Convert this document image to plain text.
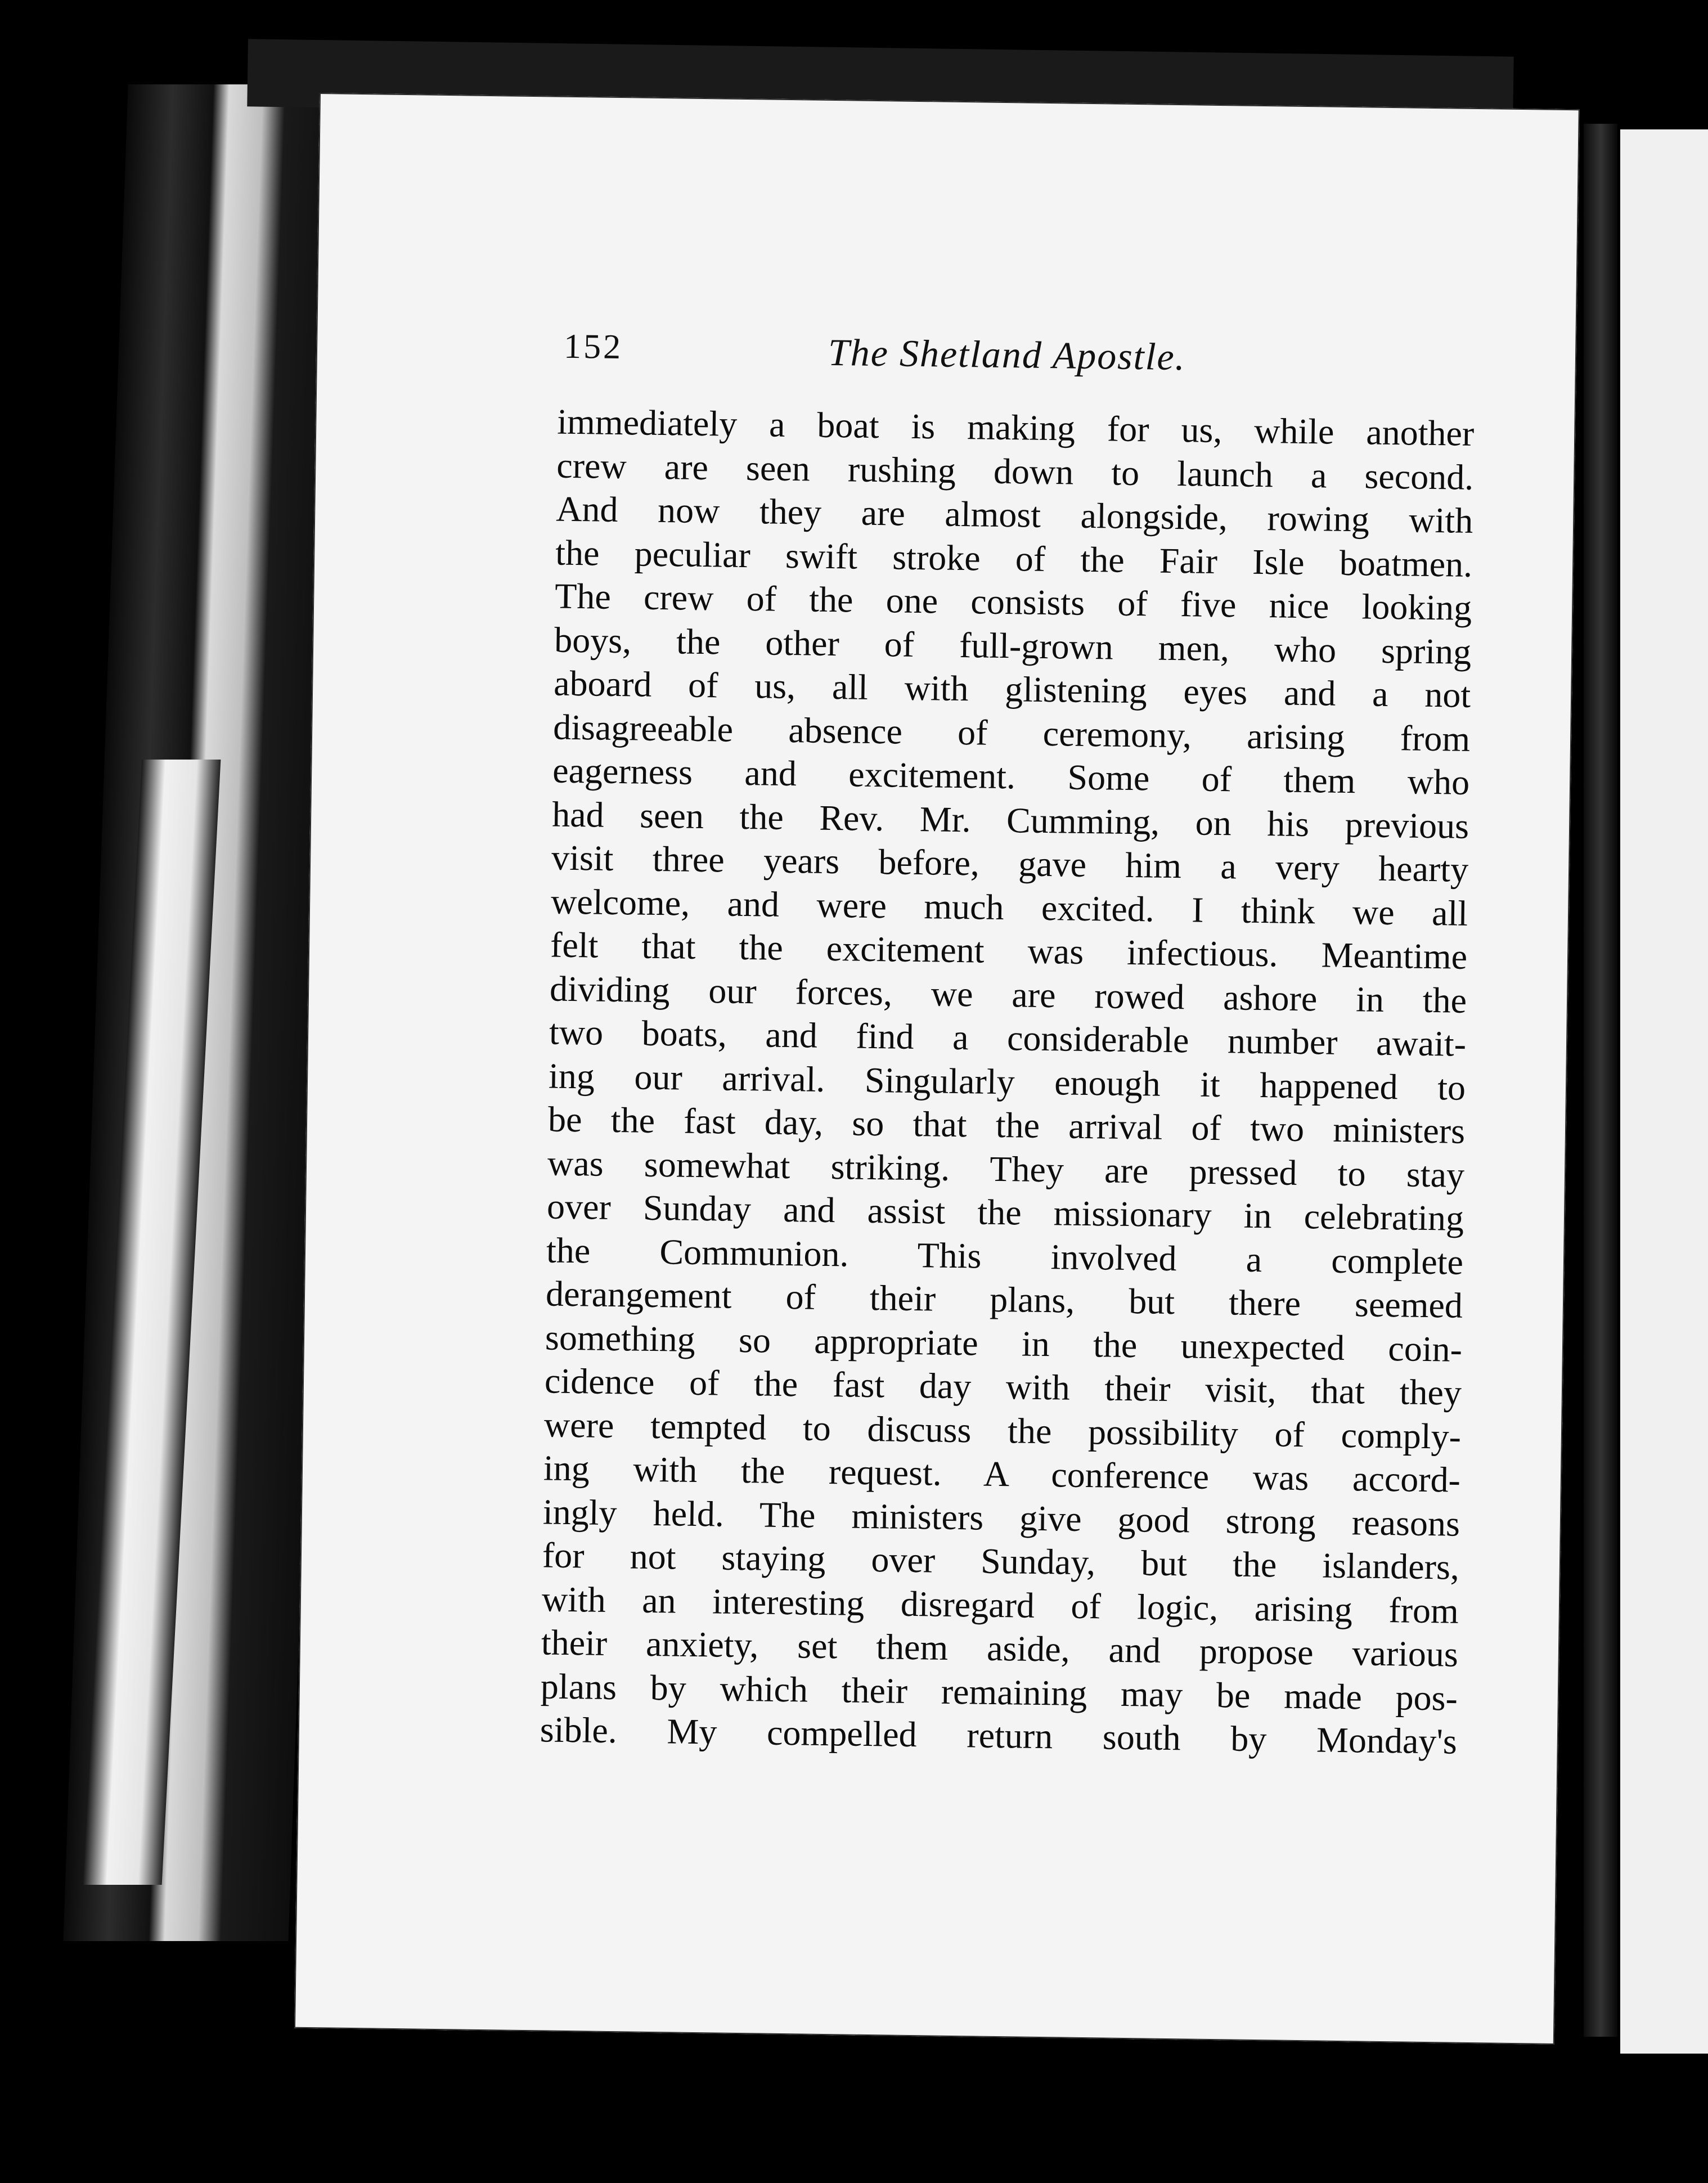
152	The Shetland Apostle.
immediately a boat is making for us, while another
crew are seen rushing down to launch a second.
And now they are almost alongside, rowing with
the peculiar swift stroke of the Fair Isle boatmen.
The crew of the one consists of five nice looking
boys, the other of full-grown men, who spring
aboard of us, all with glistening eyes and a not
disagreeable absence of ceremony, arising from
eagerness and excitement. Some of them who
had seen the Rev. Mr. Cumming, on his previous
visit three years before, gave him a very hearty
welcome, and were much excited. I think we all
felt that the excitement was infectious. Meantime
dividing our forces, we are rowed ashore in the
two boats, and find a considerable number await-
ing our arrival. Singularly enough it happened to
be the fast day, so that the arrival of two ministers
was somewhat striking. They are pressed to stay
over Sunday and assist the missionary in celebrating
the Communion. This involved a complete
derangement of their plans, but there seemed
something so appropriate in the unexpected coin-
cidence of the fast day with their visit, that they
were tempted to discuss the possibility of comply-
ing with the request. A conference was accord-
ingly held. The ministers give good strong reasons
for not staying over Sunday, but the islanders,
with an interesting disregard of logic, arising from
their anxiety, set them aside, and propose various
plans by which their remaining may be made pos-
sible. My compelled return south by Monday's
